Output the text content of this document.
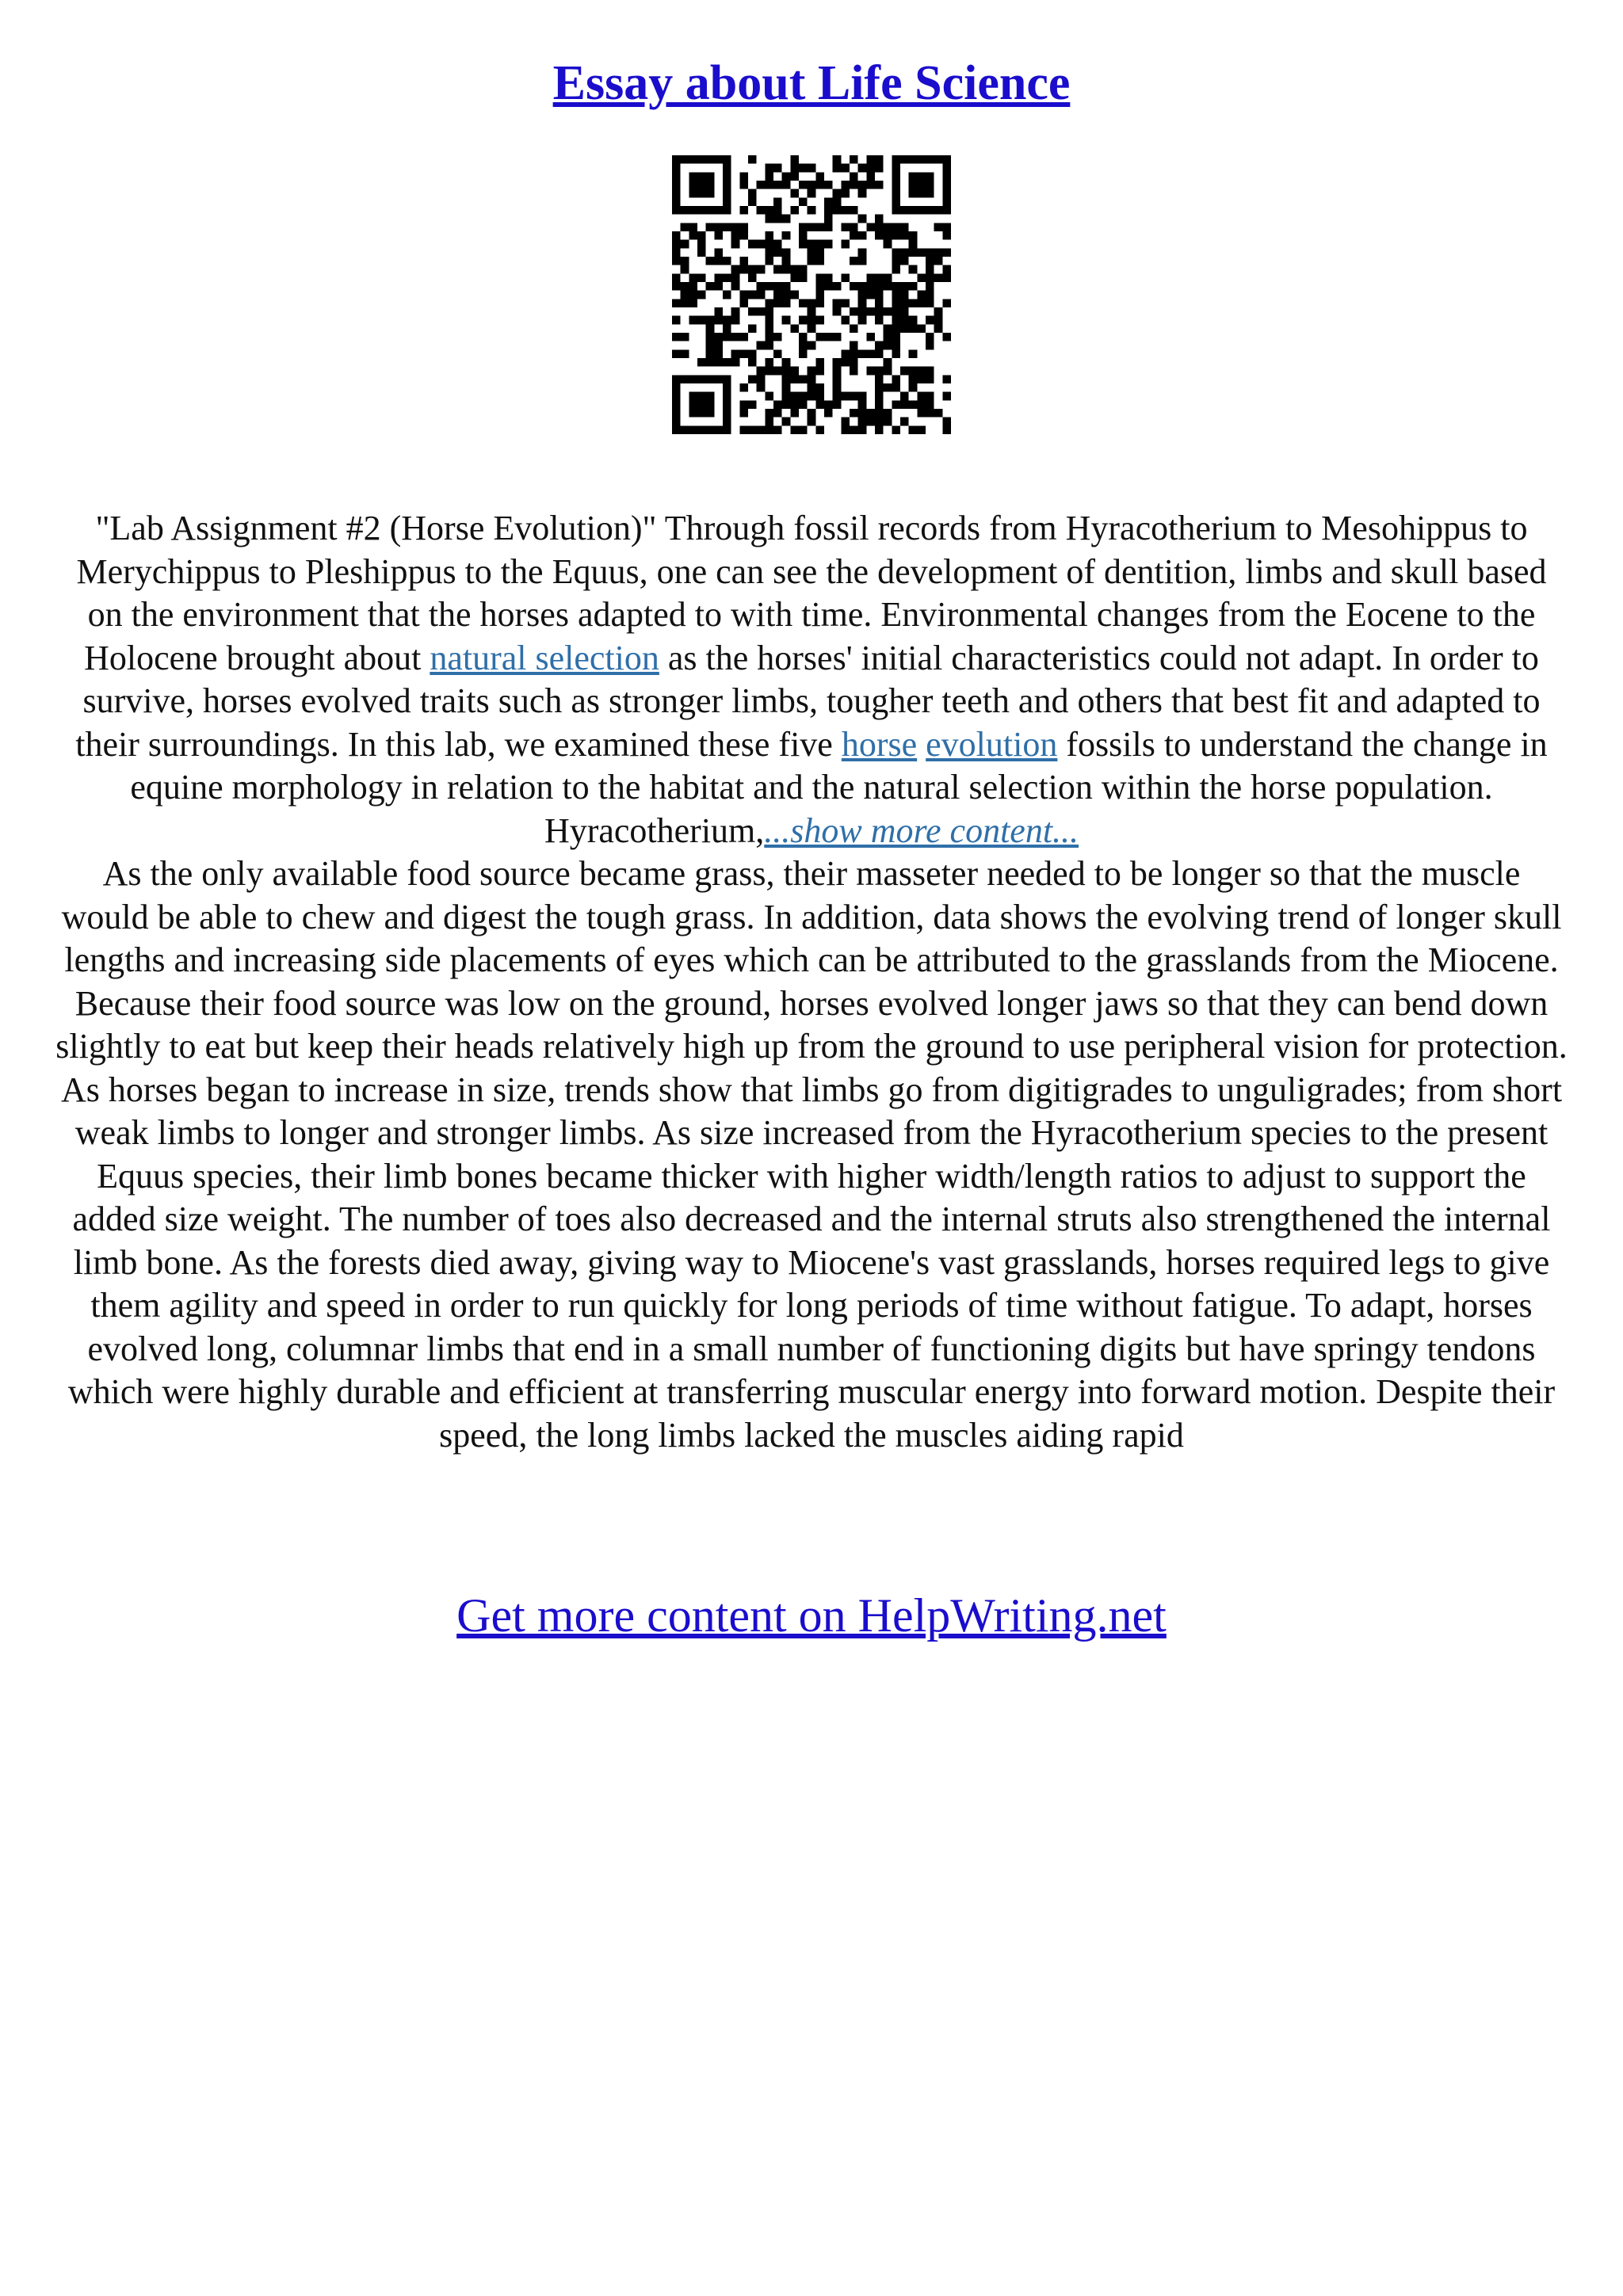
Essay about Life Science

"Lab Assignment #2 (Horse Evolution)" Through fossil records from Hyracotherium to Mesohippus to Merychippus to Pleshippus to the Equus, one can see the development of dentition, limbs and skull based on the environment that the horses adapted to with time. Environmental changes from the Eocene to the Holocene brought about natural selection as the horses' initial characteristics could not adapt. In order to survive, horses evolved traits such as stronger limbs, tougher teeth and others that best fit and adapted to their surroundings. In this lab, we examined these five horse evolution fossils to understand the change in equine morphology in relation to the habitat and the natural selection within the horse population.

Hyracotherium,...show more content...

As the only available food source became grass, their masseter needed to be longer so that the muscle would be able to chew and digest the tough grass. In addition, data shows the evolving trend of longer skull lengths and increasing side placements of eyes which can be attributed to the grasslands from the Miocene. Because their food source was low on the ground, horses evolved longer jaws so that they can bend down slightly to eat but keep their heads relatively high up from the ground to use peripheral vision for protection. As horses began to increase in size, trends show that limbs go from digitigrades to unguligrades; from short weak limbs to longer and stronger limbs. As size increased from the Hyracotherium species to the present Equus species, their limb bones became thicker with higher width/length ratios to adjust to support the added size weight. The number of toes also decreased and the internal struts also strengthened the internal limb bone. As the forests died away, giving way to Miocene's vast grasslands, horses required legs to give them agility and speed in order to run quickly for long periods of time without fatigue. To adapt, horses evolved long, columnar limbs that end in a small number of functioning digits but have springy tendons which were highly durable and efficient at transferring muscular energy into forward motion. Despite their speed, the long limbs lacked the muscles aiding rapid

Get more content on HelpWriting.net
